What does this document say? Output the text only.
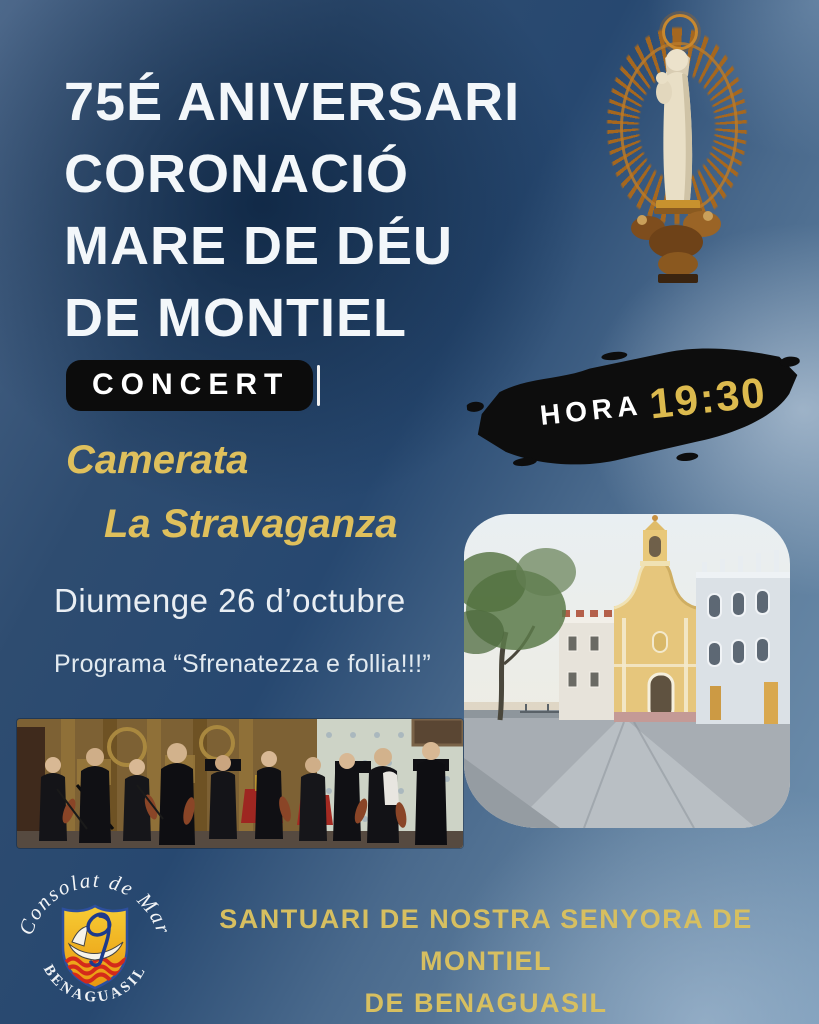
75É ANIVERSARI
CORONACIÓ
MARE DE DÉU
DE MONTIEL
CONCERT
HORA 19:30
Camerata
La Stravaganza
Diumenge 26 d’octubre
Programa “Sfrenatezza e follia!!!”
Consolat de Mar
BENAGUASIL
SANTUARI DE NOSTRA SENYORA DE MONTIEL
DE BENAGUASIL
